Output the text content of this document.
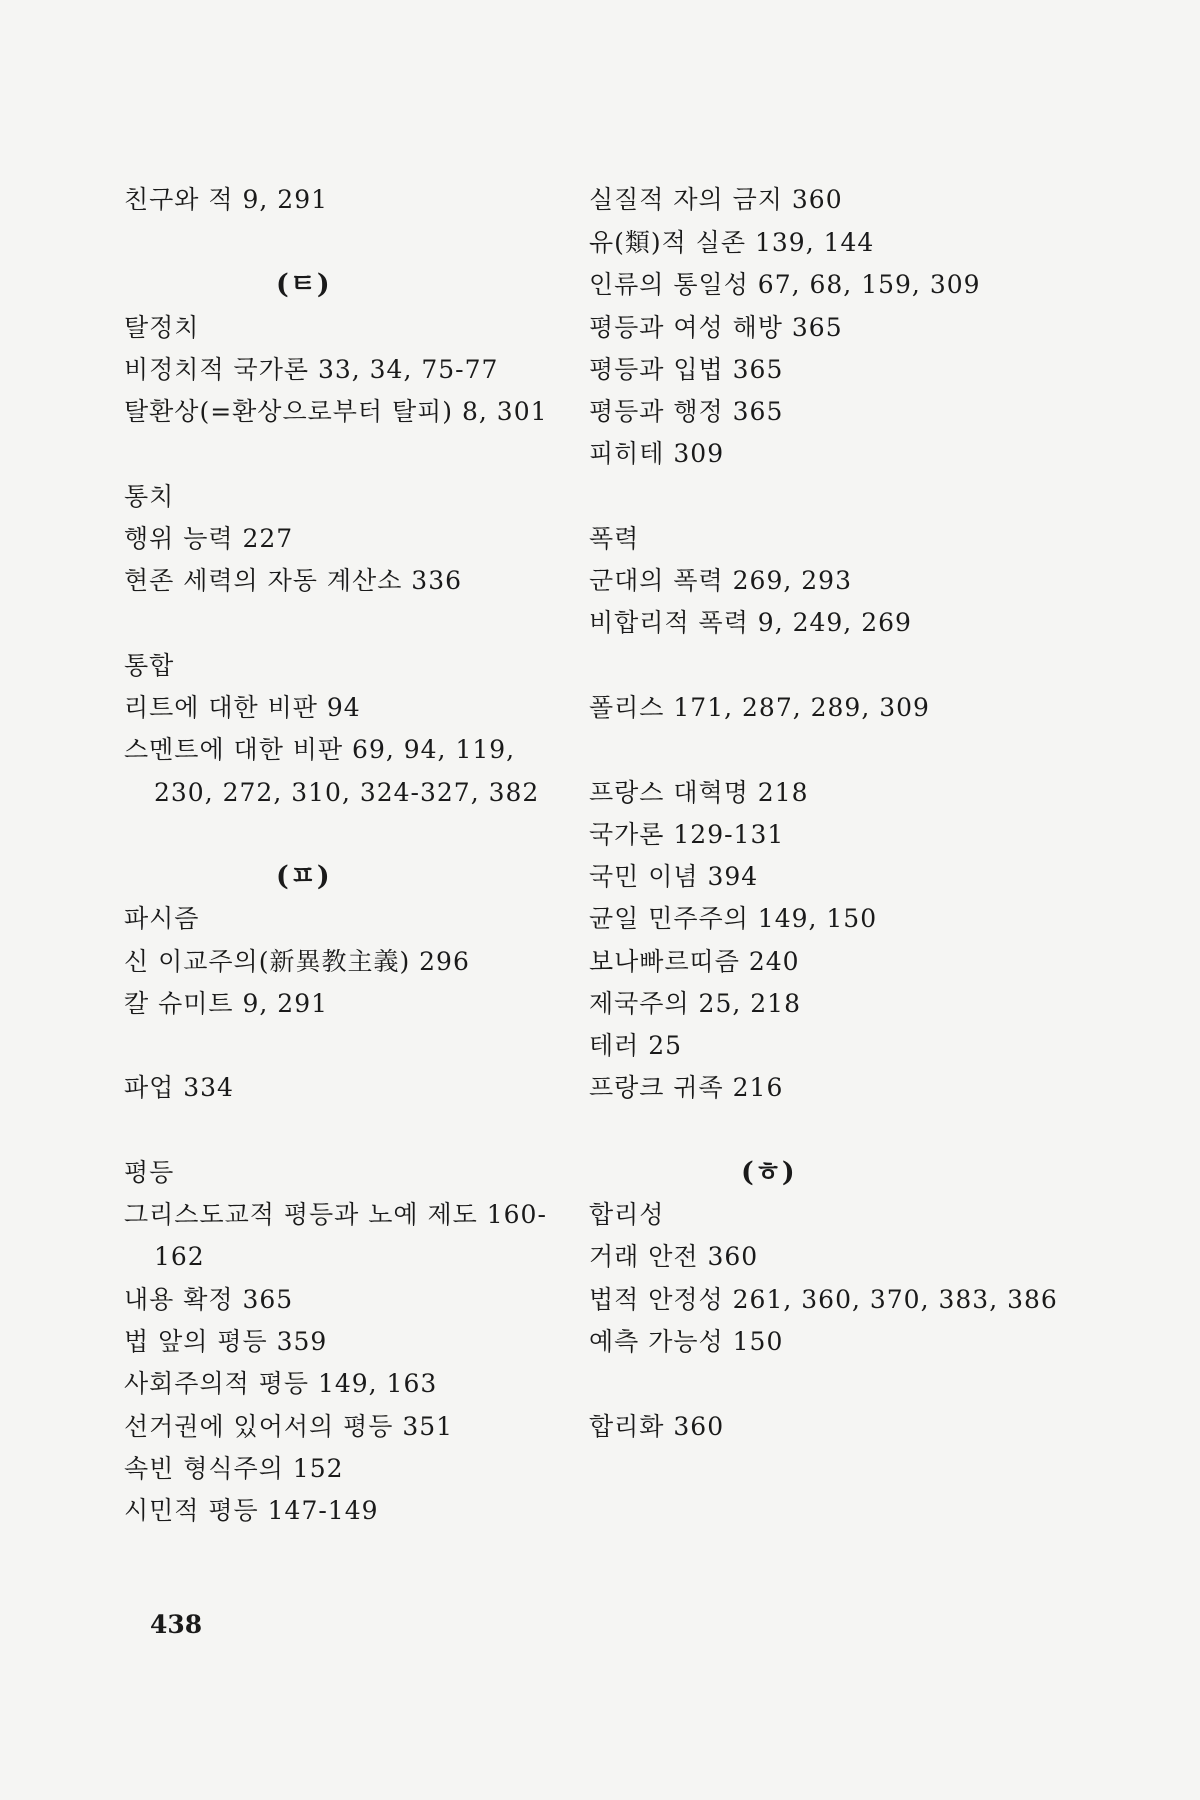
친구와 적 9, 291
(ㅌ)
탈정치
비정치적 국가론 33, 34, 75-77
탈환상(=환상으로부터 탈피) 8, 301
통치
행위 능력 227
현존 세력의 자동 계산소 336
통합
리트에 대한 비판 94
스멘트에 대한 비판 69, 94, 119,
230, 272, 310, 324-327, 382
(ㅍ)
파시즘
신 이교주의(新異教主義) 296
칼 슈미트 9, 291
파업 334
평등
그리스도교적 평등과 노예 제도 160-
162
내용 확정 365
법 앞의 평등 359
사회주의적 평등 149, 163
선거권에 있어서의 평등 351
속빈 형식주의 152
시민적 평등 147-149
실질적 자의 금지 360
유(類)적 실존 139, 144
인류의 통일성 67, 68, 159, 309
평등과 여성 해방 365
평등과 입법 365
평등과 행정 365
피히테 309
폭력
군대의 폭력 269, 293
비합리적 폭력 9, 249, 269
폴리스 171, 287, 289, 309
프랑스 대혁명 218
국가론 129-131
국민 이념 394
균일 민주주의 149, 150
보나빠르띠즘 240
제국주의 25, 218
테러 25
프랑크 귀족 216
(ㅎ)
합리성
거래 안전 360
법적 안정성 261, 360, 370, 383, 386
예측 가능성 150
합리화 360
438
